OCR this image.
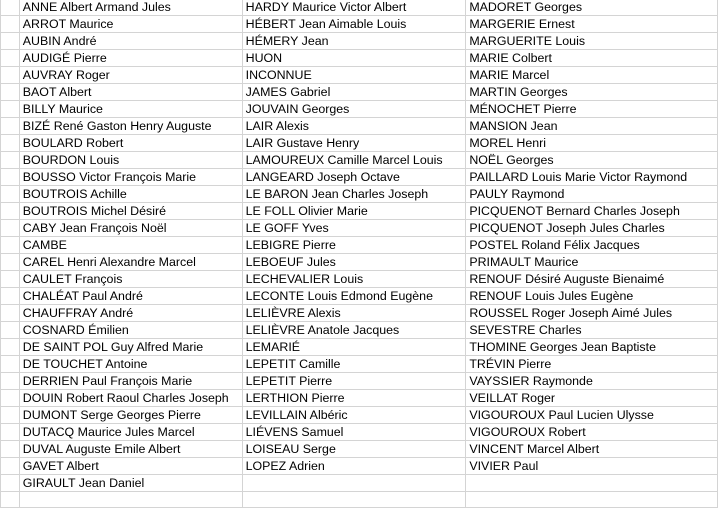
	ANNE Albert Armand Jules	HARDY Maurice Victor Albert	MADORET Georges
	ARROT Maurice	HÉBERT Jean Aimable Louis	MARGERIE Ernest
	AUBIN André	HÉMERY Jean	MARGUERITE Louis
	AUDIGÉ Pierre	HUON	MARIE Colbert
	AUVRAY Roger	INCONNUE	MARIE Marcel
	BAOT Albert	JAMES Gabriel	MARTIN Georges
	BILLY Maurice	JOUVAIN Georges	MÉNOCHET Pierre
	BIZÉ René Gaston Henry Auguste	LAIR Alexis	MANSION Jean
	BOULARD Robert	LAIR Gustave Henry	MOREL Henri
	BOURDON Louis	LAMOUREUX Camille Marcel Louis	NOËL Georges
	BOUSSO Victor François Marie	LANGEARD Joseph Octave	PAILLARD Louis Marie Victor Raymond
	BOUTROIS Achille	LE BARON Jean Charles Joseph	PAULY Raymond
	BOUTROIS Michel Désiré	LE FOLL Olivier Marie	PICQUENOT Bernard Charles Joseph
	CABY Jean François Noël	LE GOFF Yves	PICQUENOT Joseph Jules Charles
	CAMBE	LEBIGRE Pierre	POSTEL Roland Félix Jacques
	CAREL Henri Alexandre Marcel	LEBOEUF Jules	PRIMAULT Maurice
	CAULET François	LECHEVALIER Louis	RENOUF Désiré Auguste Bienaimé
	CHALÉAT Paul André	LECONTE Louis Edmond Eugène	RENOUF Louis Jules Eugène
	CHAUFFRAY André	LELIÈVRE Alexis	ROUSSEL Roger Joseph Aimé Jules
	COSNARD Émilien	LELIÈVRE Anatole Jacques	SEVESTRE Charles
	DE SAINT POL Guy Alfred Marie	LEMARIÉ	THOMINE Georges Jean Baptiste
	DE TOUCHET Antoine	LEPETIT Camille	TRÉVIN Pierre
	DERRIEN Paul François Marie	LEPETIT Pierre	VAYSSIER Raymonde
	DOUIN Robert Raoul Charles Joseph	LERTHION Pierre	VEILLAT Roger
	DUMONT Serge Georges Pierre	LEVILLAIN Albéric	VIGOUROUX Paul Lucien Ulysse
	DUTACQ Maurice Jules Marcel	LIÉVENS Samuel	VIGOUROUX Robert
	DUVAL Auguste Emile Albert	LOISEAU Serge	VINCENT Marcel Albert
	GAVET Albert	LOPEZ Adrien	VIVIER Paul
	GIRAULT Jean Daniel		
